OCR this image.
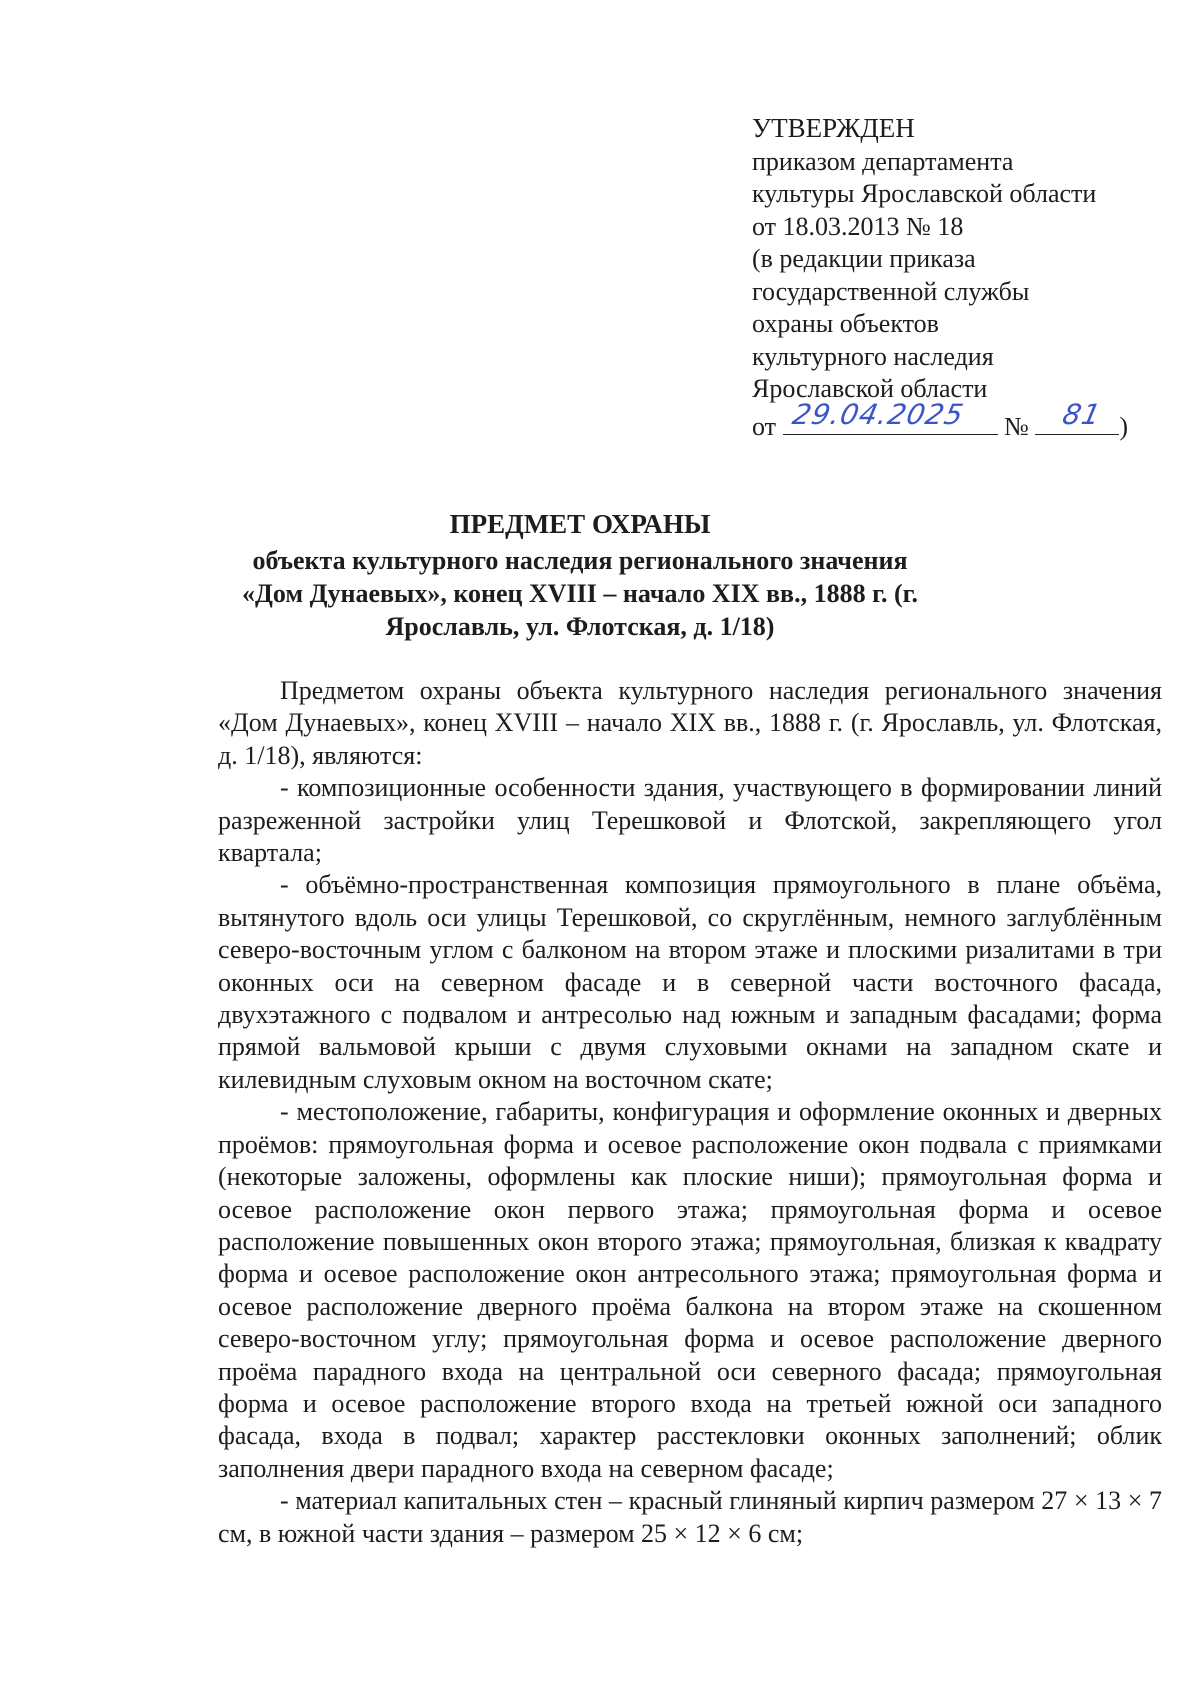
УТВЕРЖДЕН
приказом департамента
культуры Ярославской области
от 18.03.2013 № 18
(в редакции приказа
государственной службы
охраны объектов
культурного наследия
Ярославской области
от 29.04.2025 № 81 )
ПРЕДМЕТ ОХРАНЫ
объекта культурного наследия регионального значения «Дом Дунаевых», конец XVIII – начало XIX вв., 1888 г. (г. Ярославль, ул. Флотская, д. 1/18)

Предметом охраны объекта культурного наследия регионального значения «Дом Дунаевых», конец XVIII – начало XIX вв., 1888 г. (г. Ярославль, ул. Флотская, д. 1/18), являются:

- композиционные особенности здания, участвующего в формировании линий разреженной застройки улиц Терешковой и Флотской, закрепляющего угол квартала;

- объёмно-пространственная композиция прямоугольного в плане объёма, вытянутого вдоль оси улицы Терешковой, со скруглённым, немного заглублённым северо-восточным углом с балконом на втором этаже и плоскими ризалитами в три оконных оси на северном фасаде и в северной части восточного фасада, двухэтажного с подвалом и антресолью над южным и западным фасадами; форма прямой вальмовой крыши с двумя слуховыми окнами на западном скате и килевидным слуховым окном на восточном скате;

- местоположение, габариты, конфигурация и оформление оконных и дверных проёмов: прямоугольная форма и осевое расположение окон подвала с приямками (некоторые заложены, оформлены как плоские ниши); прямоугольная форма и осевое расположение окон первого этажа; прямоугольная форма и осевое расположение повышенных окон второго этажа; прямоугольная, близкая к квадрату форма и осевое расположение окон антресольного этажа; прямоугольная форма и осевое расположение дверного проёма балкона на втором этаже на скошенном северо-восточном углу; прямоугольная форма и осевое расположение дверного проёма парадного входа на центральной оси северного фасада; прямоугольная форма и осевое расположение второго входа на третьей южной оси западного фасада, входа в подвал; характер расстекловки оконных заполнений; облик заполнения двери парадного входа на северном фасаде;

- материал капитальных стен – красный глиняный кирпич размером 27 × 13 × 7 см, в южной части здания – размером 25 × 12 × 6 см;
